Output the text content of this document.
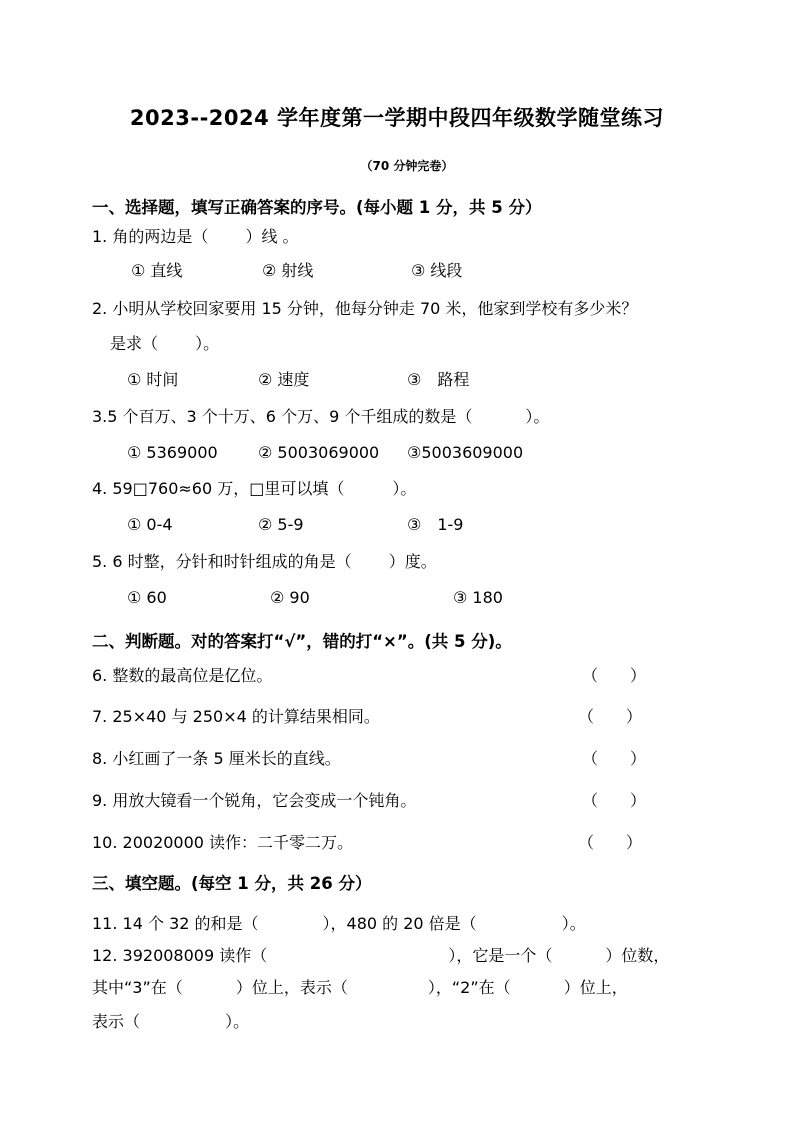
2023--2024 学年度第一学期中段四年级数学随堂练习
（70 分钟完卷）
一、选择题，填写正确答案的序号。(每小题 1 分，共 5 分）
1. 角的两边是（　　 ）线 。
① 直线	② 射线	③ 线段
2. 小明从学校回家要用 15 分钟，他每分钟走 70 米，他家到学校有多少米？
是求（　　 ）。
① 时间	② 速度	③　路程
3.5 个百万、3 个十万、6 个万、9 个千组成的数是（　　　 ）。
① 5369000	② 5003069000 ③5003609000
4. 59□760≈60 万，□里可以填（　　　）。
① 0-4	② 5-9	③　1-9
5. 6 时整，分针和时针组成的角是（　　 ）度。
① 60	② 90	③ 180
二、判断题。对的答案打“√”，错的打“×”。(共 5 分)。
6. 整数的最高位是亿位。	（　　）
7. 25×40 与 250×4 的计算结果相同。	（　　）
8. 小红画了一条 5 厘米长的直线。	（　　）
9. 用放大镜看一个锐角，它会变成一个钝角。	（　　）
10. 20020000 读作：二千零二万。	（　　）
三、填空题。(每空 1 分，共 26 分）
11. 14 个 32 的和是（　　　　），480 的 20 倍是（　　　　　 ）。
12. 392008009 读作（　　　　　　　　　　　 ），它是一个（　　　 ）位数，
其中“3”在（　　　 ）位上，表示（　　　　　），“2”在（　　　 ）位上，
表示（　　　　　 ）。
